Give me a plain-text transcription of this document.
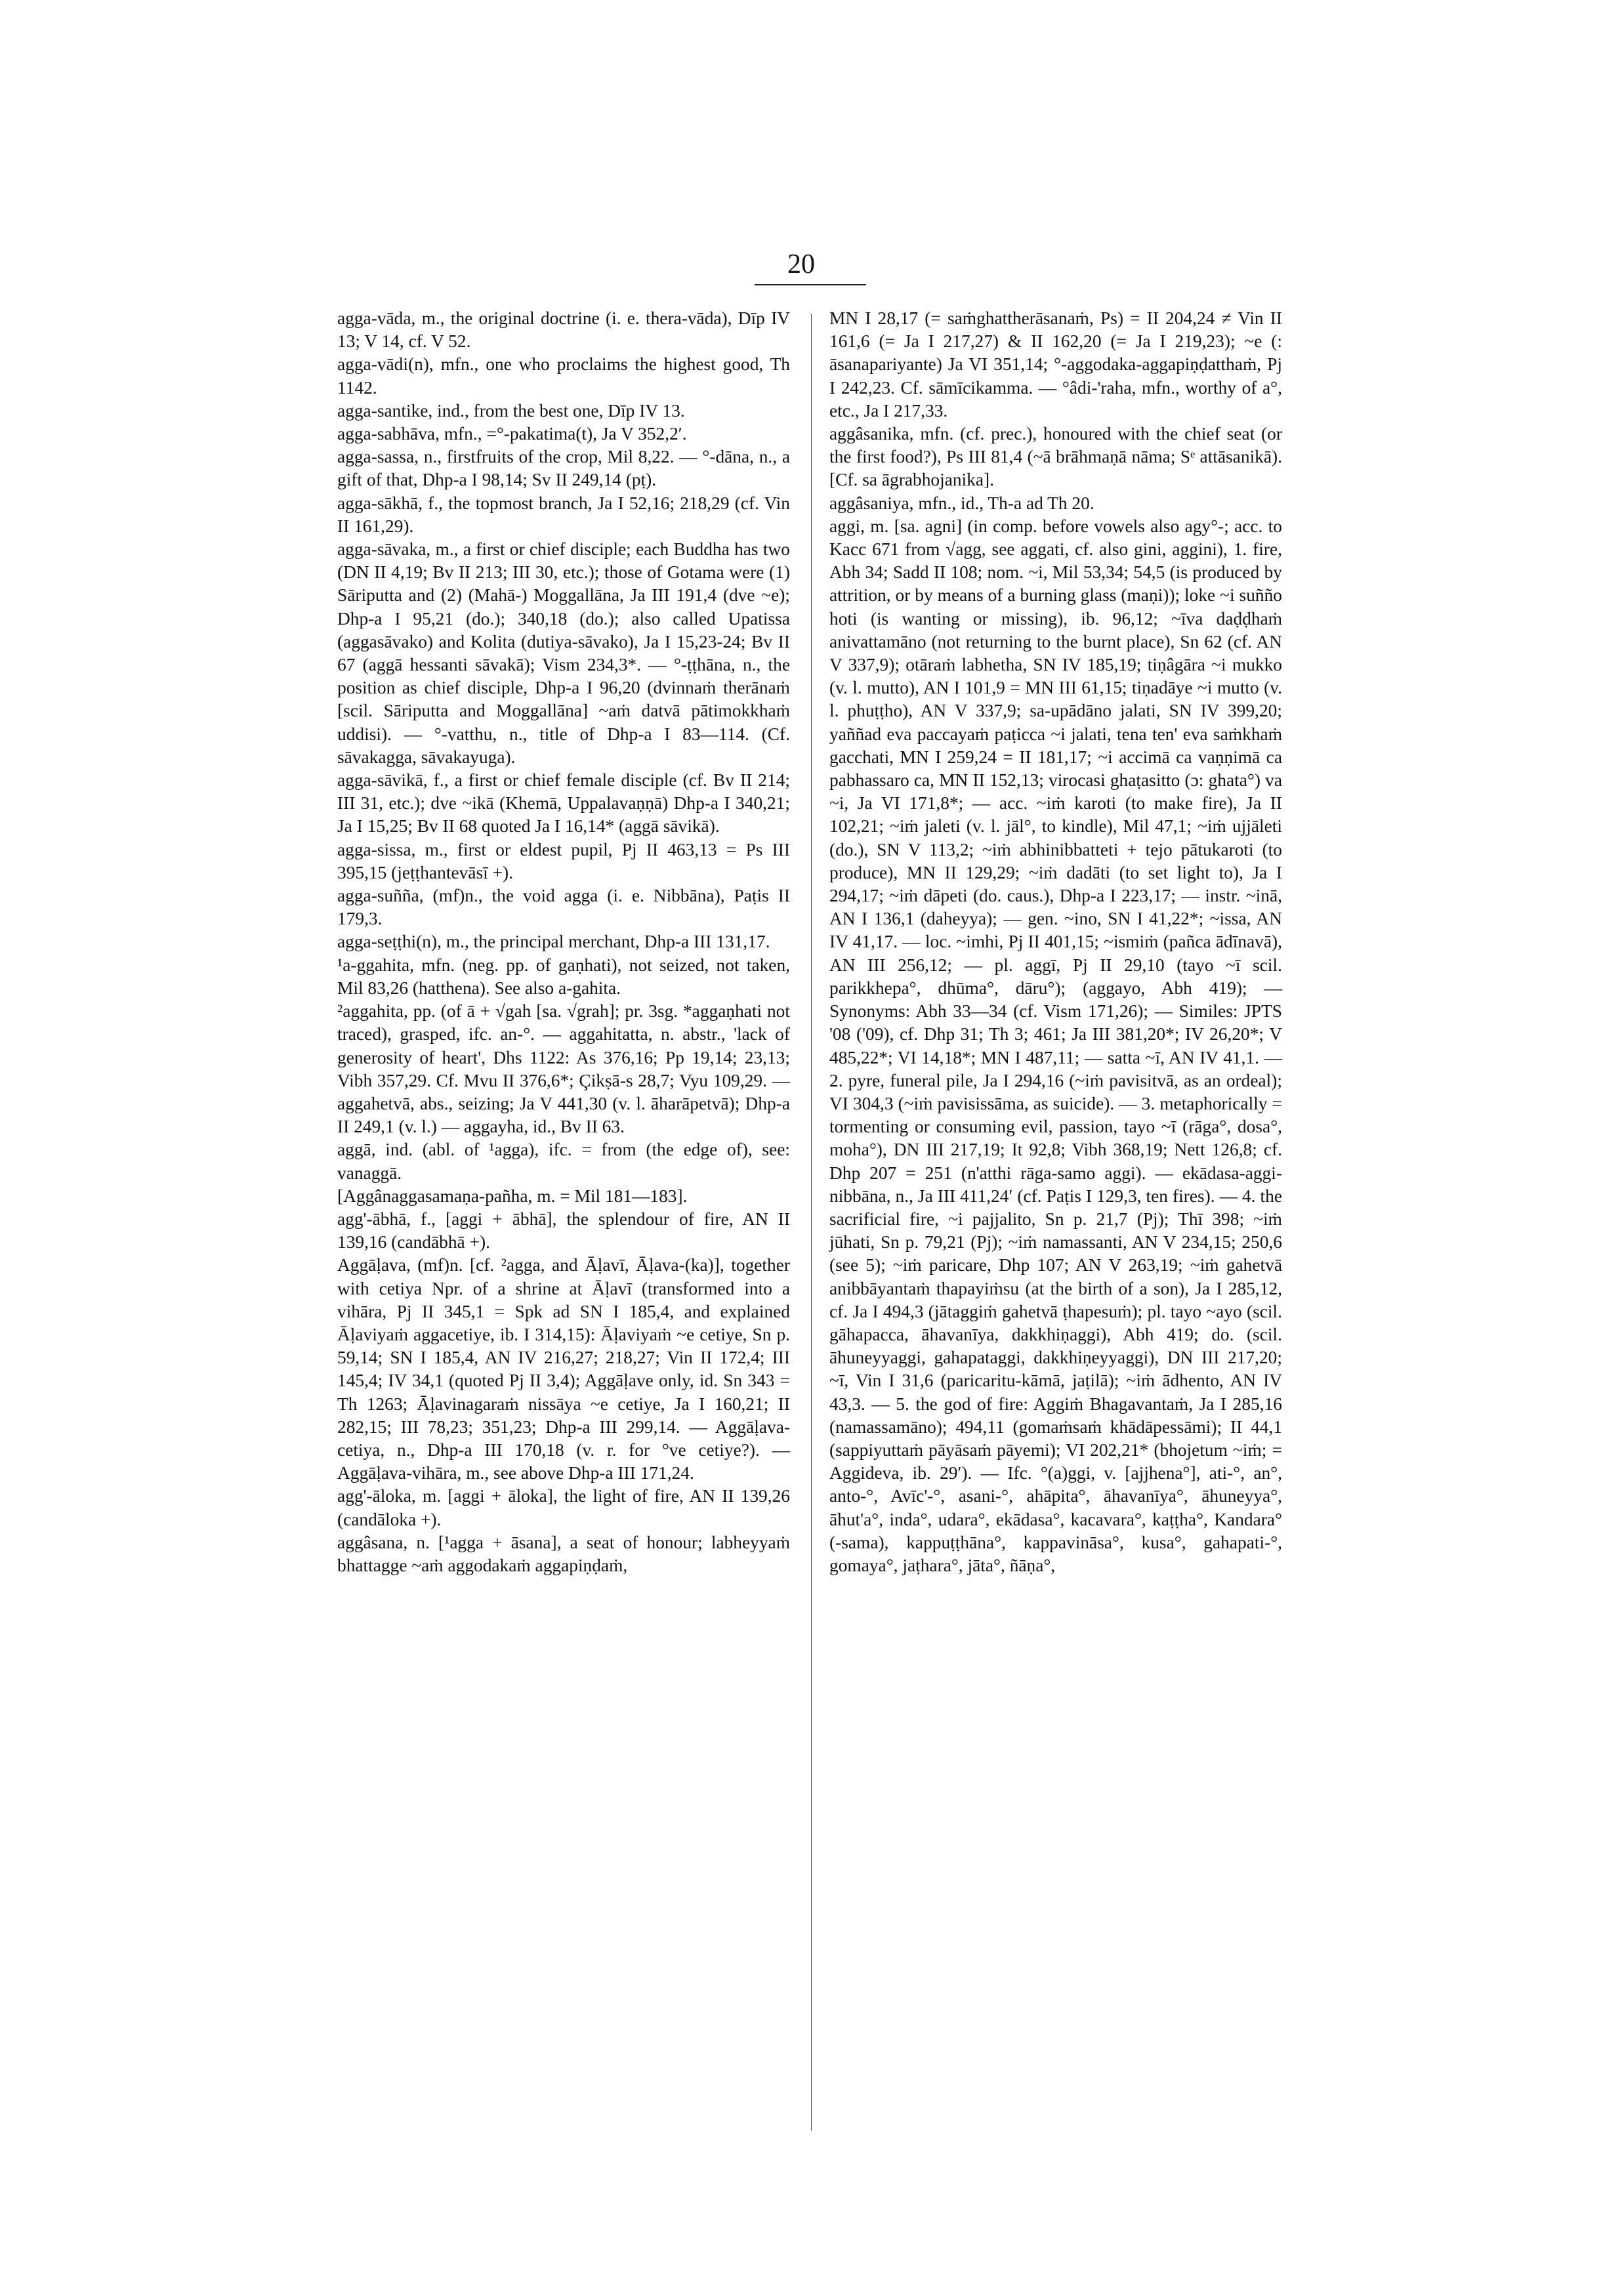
20

agga-vāda, m., the original doctrine (i. e. thera-vāda), Dīp IV 13; V 14, cf. V 52.

agga-vādi(n), mfn., one who proclaims the highest good, Th 1142.

agga-santike, ind., from the best one, Dīp IV 13.

agga-sabhāva, mfn., =°-pakatima(t), Ja V 352,2′.

agga-sassa, n., firstfruits of the crop, Mil 8,22. — °-dāna, n., a gift of that, Dhp-a I 98,14; Sv II 249,14 (pṭ).

agga-sākhā, f., the topmost branch, Ja I 52,16; 218,29 (cf. Vin II 161,29).

agga-sāvaka, m., a first or chief disciple; each Buddha has two (DN II 4,19; Bv II 213; III 30, etc.); those of Gotama were (1) Sāriputta and (2) (Mahā-) Moggallāna, Ja III 191,4 (dve ~e); Dhp-a I 95,21 (do.); 340,18 (do.); also called Upatissa (aggasāvako) and Kolita (dutiya-sāvako), Ja I 15,23-24; Bv II 67 (aggā hessanti sāvakā); Vism 234,3*. — °-ṭṭhāna, n., the position as chief disciple, Dhp-a I 96,20 (dvinnaṁ therānaṁ [scil. Sāriputta and Moggallāna] ~aṁ datvā pātimokkhaṁ uddisi). — °-vatthu, n., title of Dhp-a I 83—114. (Cf. sāvakagga, sāvakayuga).

agga-sāvikā, f., a first or chief female disciple (cf. Bv II 214; III 31, etc.); dve ~ikā (Khemā, Uppalavaṇṇā) Dhp-a I 340,21; Ja I 15,25; Bv II 68 quoted Ja I 16,14* (aggā sāvikā).

agga-sissa, m., first or eldest pupil, Pj II 463,13 = Ps III 395,15 (jeṭṭhantevāsī +).

agga-suñña, (mf)n., the void agga (i. e. Nibbāna), Paṭis II 179,3.

agga-seṭṭhi(n), m., the principal merchant, Dhp-a III 131,17.

¹a-ggahita, mfn. (neg. pp. of gaṇhati), not seized, not taken, Mil 83,26 (hatthena). See also a-gahita.

²aggahita, pp. (of ā + √gah [sa. √grah]; pr. 3sg. *aggaṇhati not traced), grasped, ifc. an-°. — aggahitatta, n. abstr., 'lack of generosity of heart', Dhs 1122: As 376,16; Pp 19,14; 23,13; Vibh 357,29. Cf. Mvu II 376,6*; Çikṣā-s 28,7; Vyu 109,29. — aggahetvā, abs., seizing; Ja V 441,30 (v. l. āharāpetvā); Dhp-a II 249,1 (v. l.) — aggayha, id., Bv II 63.

aggā, ind. (abl. of ¹agga), ifc. = from (the edge of), see: vanaggā.

[Aggânaggasamaṇa-pañha, m. = Mil 181—183].

agg'-ābhā, f., [aggi + ābhā], the splendour of fire, AN II 139,16 (candābhā +).

Aggāḷava, (mf)n. [cf. ²agga, and Āḷavī, Āḷava-(ka)], together with cetiya Npr. of a shrine at Āḷavī (transformed into a vihāra, Pj II 345,1 = Spk ad SN I 185,4, and explained Āḷaviyaṁ aggacetiye, ib. I 314,15): Āḷaviyaṁ ~e cetiye, Sn p. 59,14; SN I 185,4, AN IV 216,27; 218,27; Vin II 172,4; III 145,4; IV 34,1 (quoted Pj II 3,4); Aggāḷave only, id. Sn 343 = Th 1263; Āḷavinagaraṁ nissāya ~e cetiye, Ja I 160,21; II 282,15; III 78,23; 351,23; Dhp-a III 299,14. — Aggāḷava-cetiya, n., Dhp-a III 170,18 (v. r. for °ve cetiye?). — Aggāḷava-vihāra, m., see above Dhp-a III 171,24.

agg'-āloka, m. [aggi + āloka], the light of fire, AN II 139,26 (candāloka +).

aggâsana, n. [¹agga + āsana], a seat of honour; labheyyaṁ bhattagge ~aṁ aggodakaṁ aggapiṇḍaṁ,

MN I 28,17 (= saṁghattherāsanaṁ, Ps) = II 204,24 ≠ Vin II 161,6 (= Ja I 217,27) & II 162,20 (= Ja I 219,23); ~e (: āsanapariyante) Ja VI 351,14; °-aggodaka-aggapiṇḍatthaṁ, Pj I 242,23. Cf. sāmīcikamma. — °âdi-'raha, mfn., worthy of a°, etc., Ja I 217,33.

aggâsanika, mfn. (cf. prec.), honoured with the chief seat (or the first food?), Ps III 81,4 (~ā brāhmaṇā nāma; Sᵉ attāsanikā). [Cf. sa āgrabhojanika].

aggâsaniya, mfn., id., Th-a ad Th 20.

aggi, m. [sa. agni] (in comp. before vowels also agy°-; acc. to Kacc 671 from √agg, see aggati, cf. also gini, aggini), 1. fire, Abh 34; Sadd II 108; nom. ~i, Mil 53,34; 54,5 (is produced by attrition, or by means of a burning glass (maṇi)); loke ~i suñño hoti (is wanting or missing), ib. 96,12; ~īva daḍḍhaṁ anivattamāno (not returning to the burnt place), Sn 62 (cf. AN V 337,9); otāraṁ labhetha, SN IV 185,19; tiṇâgāra ~i mukko (v. l. mutto), AN I 101,9 = MN III 61,15; tiṇadāye ~i mutto (v. l. phuṭṭho), AN V 337,9; sa-upādāno jalati, SN IV 399,20; yaññad eva paccayaṁ paṭicca ~i jalati, tena ten' eva saṁkhaṁ gacchati, MN I 259,24 = II 181,17; ~i accimā ca vaṇṇimā ca pabhassaro ca, MN II 152,13; virocasi ghaṭasitto (ɔ: ghata°) va ~i, Ja VI 171,8*; — acc. ~iṁ karoti (to make fire), Ja II 102,21; ~iṁ jaleti (v. l. jāl°, to kindle), Mil 47,1; ~iṁ ujjāleti (do.), SN V 113,2; ~iṁ abhinibbatteti + tejo pātukaroti (to produce), MN II 129,29; ~iṁ dadāti (to set light to), Ja I 294,17; ~iṁ dāpeti (do. caus.), Dhp-a I 223,17; — instr. ~inā, AN I 136,1 (daheyya); — gen. ~ino, SN I 41,22*; ~issa, AN IV 41,17. — loc. ~imhi, Pj II 401,15; ~ismiṁ (pañca ādīnavā), AN III 256,12; — pl. aggī, Pj II 29,10 (tayo ~ī scil. parikkhepa°, dhūma°, dāru°); (aggayo, Abh 419); — Synonyms: Abh 33—34 (cf. Vism 171,26); — Similes: JPTS '08 ('09), cf. Dhp 31; Th 3; 461; Ja III 381,20*; IV 26,20*; V 485,22*; VI 14,18*; MN I 487,11; — satta ~ī, AN IV 41,1. — 2. pyre, funeral pile, Ja I 294,16 (~iṁ pavisitvā, as an ordeal); VI 304,3 (~iṁ pavisissāma, as suicide). — 3. metaphorically = tormenting or consuming evil, passion, tayo ~ī (rāga°, dosa°, moha°), DN III 217,19; It 92,8; Vibh 368,19; Nett 126,8; cf. Dhp 207 = 251 (n'atthi rāga-samo aggi). — ekādasa-aggi-nibbāna, n., Ja III 411,24′ (cf. Paṭis I 129,3, ten fires). — 4. the sacrificial fire, ~i pajjalito, Sn p. 21,7 (Pj); Thī 398; ~iṁ jūhati, Sn p. 79,21 (Pj); ~iṁ namassanti, AN V 234,15; 250,6 (see 5); ~iṁ paricare, Dhp 107; AN V 263,19; ~iṁ gahetvā anibbāyantaṁ thapayiṁsu (at the birth of a son), Ja I 285,12, cf. Ja I 494,3 (jātaggiṁ gahetvā ṭhapesuṁ); pl. tayo ~ayo (scil. gāhapacca, āhavanīya, dakkhiṇaggi), Abh 419; do. (scil. āhuneyyaggi, gahapataggi, dakkhiṇeyyaggi), DN III 217,20; ~ī, Vin I 31,6 (paricaritu-kāmā, jaṭilā); ~iṁ ādhento, AN IV 43,3. — 5. the god of fire: Aggiṁ Bhagavantaṁ, Ja I 285,16 (namassamāno); 494,11 (gomaṁsaṁ khādāpessāmi); II 44,1 (sappiyuttaṁ pāyāsaṁ pāyemi); VI 202,21* (bhojetum ~iṁ; = Aggideva, ib. 29′). — Ifc. °(a)ggi, v. [ajjhena°], ati-°, an°, anto-°, Avīc'-°, asani-°, ahāpita°, āhavanīya°, āhuneyya°, āhut'a°, inda°, udara°, ekādasa°, kacavara°, kaṭṭha°, Kandara° (-sama), kappuṭṭhāna°, kappavināsa°, kusa°, gahapati-°, gomaya°, jaṭhara°, jāta°, ñāṇa°,
